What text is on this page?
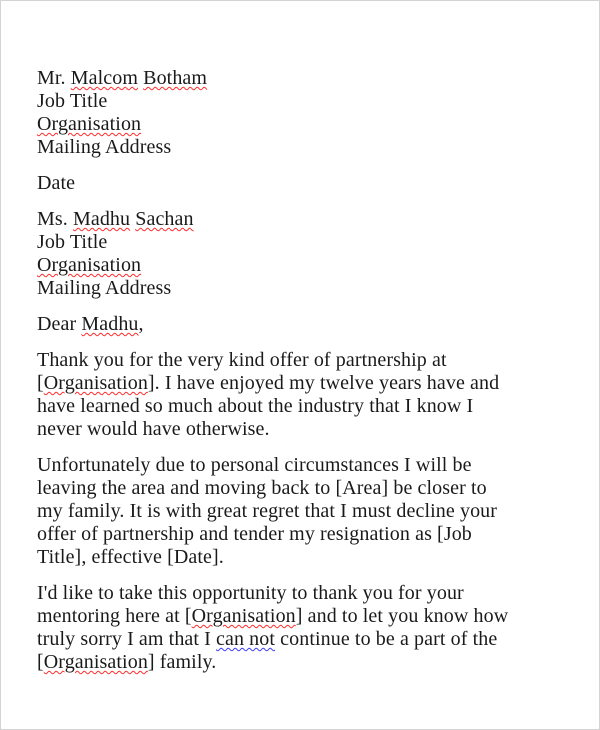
Mr. Malcom Botham
Job Title
Organisation
Mailing Address
Date
Ms. Madhu Sachan
Job Title
Organisation
Mailing Address
Dear Madhu,
Thank you for the very kind offer of partnership at
[Organisation]. I have enjoyed my twelve years have and
have learned so much about the industry that I know I
never would have otherwise.
Unfortunately due to personal circumstances I will be
leaving the area and moving back to [Area] be closer to
my family. It is with great regret that I must decline your
offer of partnership and tender my resignation as [Job
Title], effective [Date].
I'd like to take this opportunity to thank you for your
mentoring here at [Organisation] and to let you know how
truly sorry I am that I can not continue to be a part of the
[Organisation] family.
